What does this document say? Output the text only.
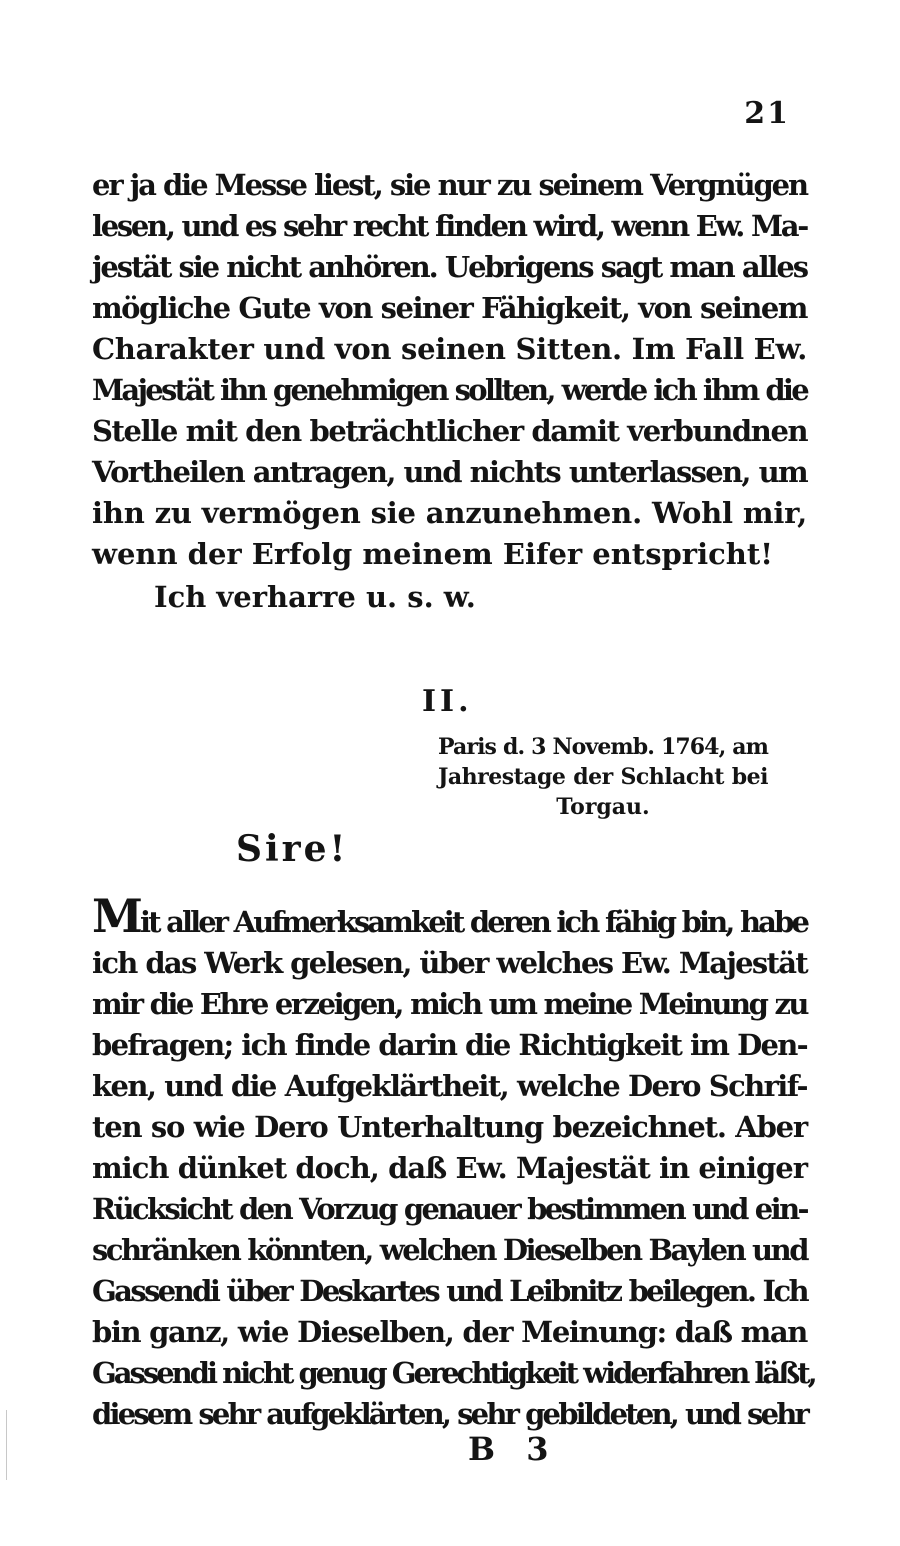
21
er ja die Messe liest, sie nur zu seinem Vergnügen
lesen, und es sehr recht finden wird, wenn Ew. Ma-
jestät sie nicht anhören. Uebrigens sagt man alles
mögliche Gute von seiner Fähigkeit, von seinem
Charakter und von seinen Sitten. Im Fall Ew.
Majestät ihn genehmigen sollten, werde ich ihm die
Stelle mit den beträchtlicher damit verbundnen
Vortheilen antragen, und nichts unterlassen, um
ihn zu vermögen sie anzunehmen. Wohl mir,
wenn der Erfolg meinem Eifer entspricht!
Ich verharre u. s. w.
II.
Paris d. 3 Novemb. 1764, am
Jahrestage der Schlacht bei
Torgau.
Sire!
Mit aller Aufmerksamkeit deren ich fähig bin, habe
ich das Werk gelesen, über welches Ew. Majestät
mir die Ehre erzeigen, mich um meine Meinung zu
befragen; ich finde darin die Richtigkeit im Den-
ken, und die Aufgeklärtheit, welche Dero Schrif-
ten so wie Dero Unterhaltung bezeichnet. Aber
mich dünket doch, daß Ew. Majestät in einiger
Rücksicht den Vorzug genauer bestimmen und ein-
schränken könnten, welchen Dieselben Baylen und
Gassendi über Deskartes und Leibnitz beilegen. Ich
bin ganz, wie Dieselben, der Meinung: daß man
Gassendi nicht genug Gerechtigkeit widerfahren läßt,
diesem sehr aufgeklärten, sehr gebildeten, und sehr
B 3
